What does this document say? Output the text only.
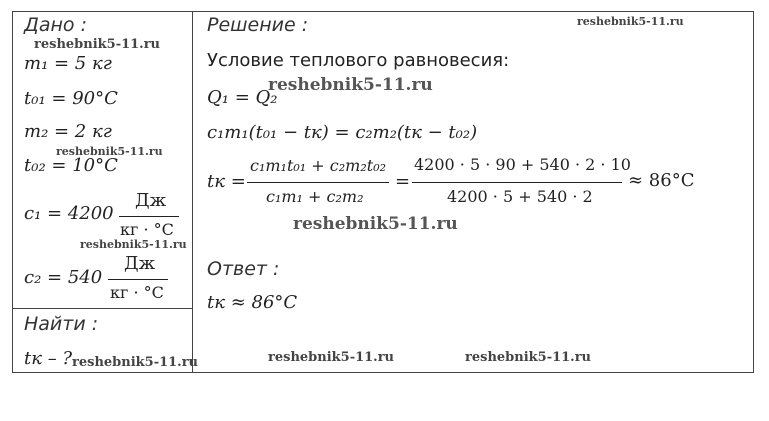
Дано :
m₁ = 5 кг
t₀₁ = 90°C
m₂ = 2 кг
t₀₂ = 10°C
c₁ = 4200
Дж
кг · °C
c₂ = 540
Дж
кг · °C
Найти :
tк – ?
Решение :
Условие теплового равновесия:
Q₁ = Q₂
c₁m₁(t₀₁ − tк) = c₂m₂(tк − t₀₂)
tк =
c₁m₁t₀₁ + c₂m₂t₀₂
c₁m₁ + c₂m₂
=
4200 · 5 · 90 + 540 · 2 · 10
4200 · 5 + 540 · 2
≈ 86°C
Ответ :
tк ≈ 86°C
reshebnik5-11.ru
reshebnik5-11.ru
reshebnik5-11.ru
reshebnik5-11.ru
reshebnik5-11.ru
reshebnik5-11.ru
reshebnik5-11.ru	reshebnik5-11.ru	reshebnik5-11.ru
